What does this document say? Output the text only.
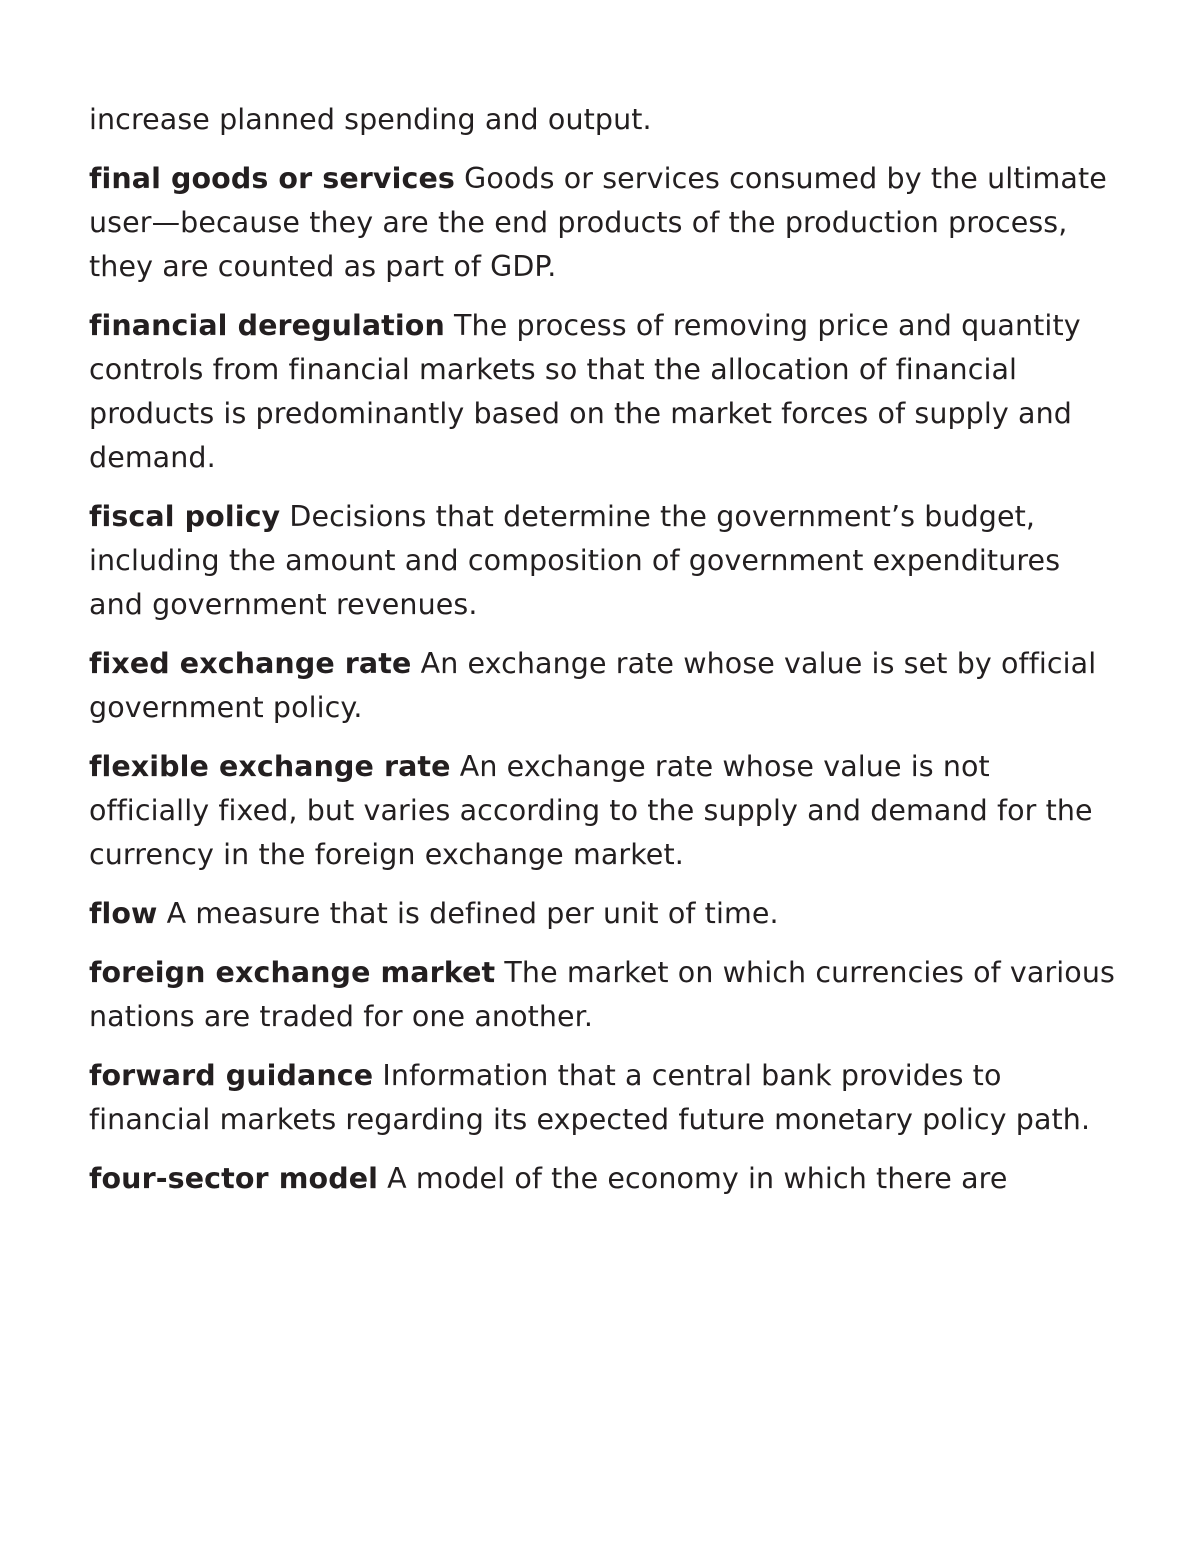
increase planned spending and output.

final goods or services Goods or services consumed by the ultimate user—because they are the end products of the production process, they are counted as part of GDP.

financial deregulation The process of removing price and quantity controls from financial markets so that the allocation of financial products is predominantly based on the market forces of supply and demand.

fiscal policy Decisions that determine the government’s budget, including the amount and composition of government expenditures and government revenues.

fixed exchange rate An exchange rate whose value is set by official government policy.

flexible exchange rate An exchange rate whose value is not officially fixed, but varies according to the supply and demand for the currency in the foreign exchange market.

flow A measure that is defined per unit of time.

foreign exchange market The market on which currencies of various nations are traded for one another.

forward guidance Information that a central bank provides to financial markets regarding its expected future monetary policy path.

four-sector model A model of the economy in which there are
